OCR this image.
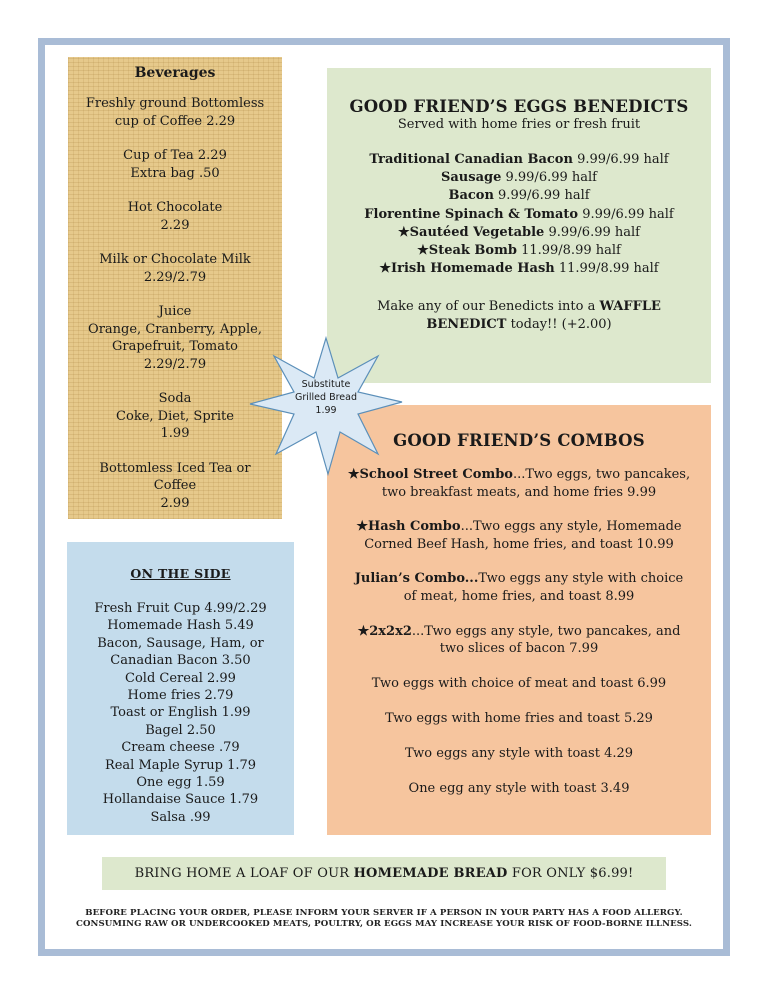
Beverages
Freshly ground Bottomless
cup of Coffee 2.29
Cup of Tea 2.29
Extra bag .50
Hot Chocolate
2.29
Milk or Chocolate Milk
2.29/2.79
Juice
Orange, Cranberry, Apple,
Grapefruit, Tomato
2.29/2.79
Soda
Coke, Diet, Sprite
1.99
Bottomless Iced Tea or
Coffee
2.99
ON THE SIDE
Fresh Fruit Cup 4.99/2.29
Homemade Hash 5.49
Bacon, Sausage, Ham, or
Canadian Bacon 3.50
Cold Cereal 2.99
Home fries 2.79
Toast or English 1.99
Bagel 2.50
Cream cheese .79
Real Maple Syrup 1.79
One egg 1.59
Hollandaise Sauce 1.79
Salsa .99
GOOD FRIEND’S EGGS BENEDICTS
Served with home fries or fresh fruit
Traditional Canadian Bacon 9.99/6.99 half
Sausage 9.99/6.99 half
Bacon 9.99/6.99 half
Florentine Spinach & Tomato 9.99/6.99 half
★Sautéed Vegetable 9.99/6.99 half
★Steak Bomb 11.99/8.99 half
★Irish Homemade Hash 11.99/8.99 half
Make any of our Benedicts into a WAFFLE
BENEDICT today!! (+2.00)
GOOD FRIEND’S COMBOS
★School Street Combo...Two eggs, two pancakes,
two breakfast meats, and home fries 9.99
★Hash Combo...Two eggs any style, Homemade
Corned Beef Hash, home fries, and toast 10.99
Julian’s Combo...Two eggs any style with choice
of meat, home fries, and toast 8.99
★2x2x2...Two eggs any style, two pancakes, and
two slices of bacon 7.99
Two eggs with choice of meat and toast 6.99
Two eggs with home fries and toast 5.29
Two eggs any style with toast 4.29
One egg any style with toast 3.49
Substitute
Grilled Bread
1.99
BRING HOME A LOAF OF OUR HOMEMADE BREAD FOR ONLY $6.99!
BEFORE PLACING YOUR ORDER, PLEASE INFORM YOUR SERVER IF A PERSON IN YOUR PARTY HAS A FOOD ALLERGY.
CONSUMING RAW OR UNDERCOOKED MEATS, POULTRY, OR EGGS MAY INCREASE YOUR RISK OF FOOD-BORNE ILLNESS.
